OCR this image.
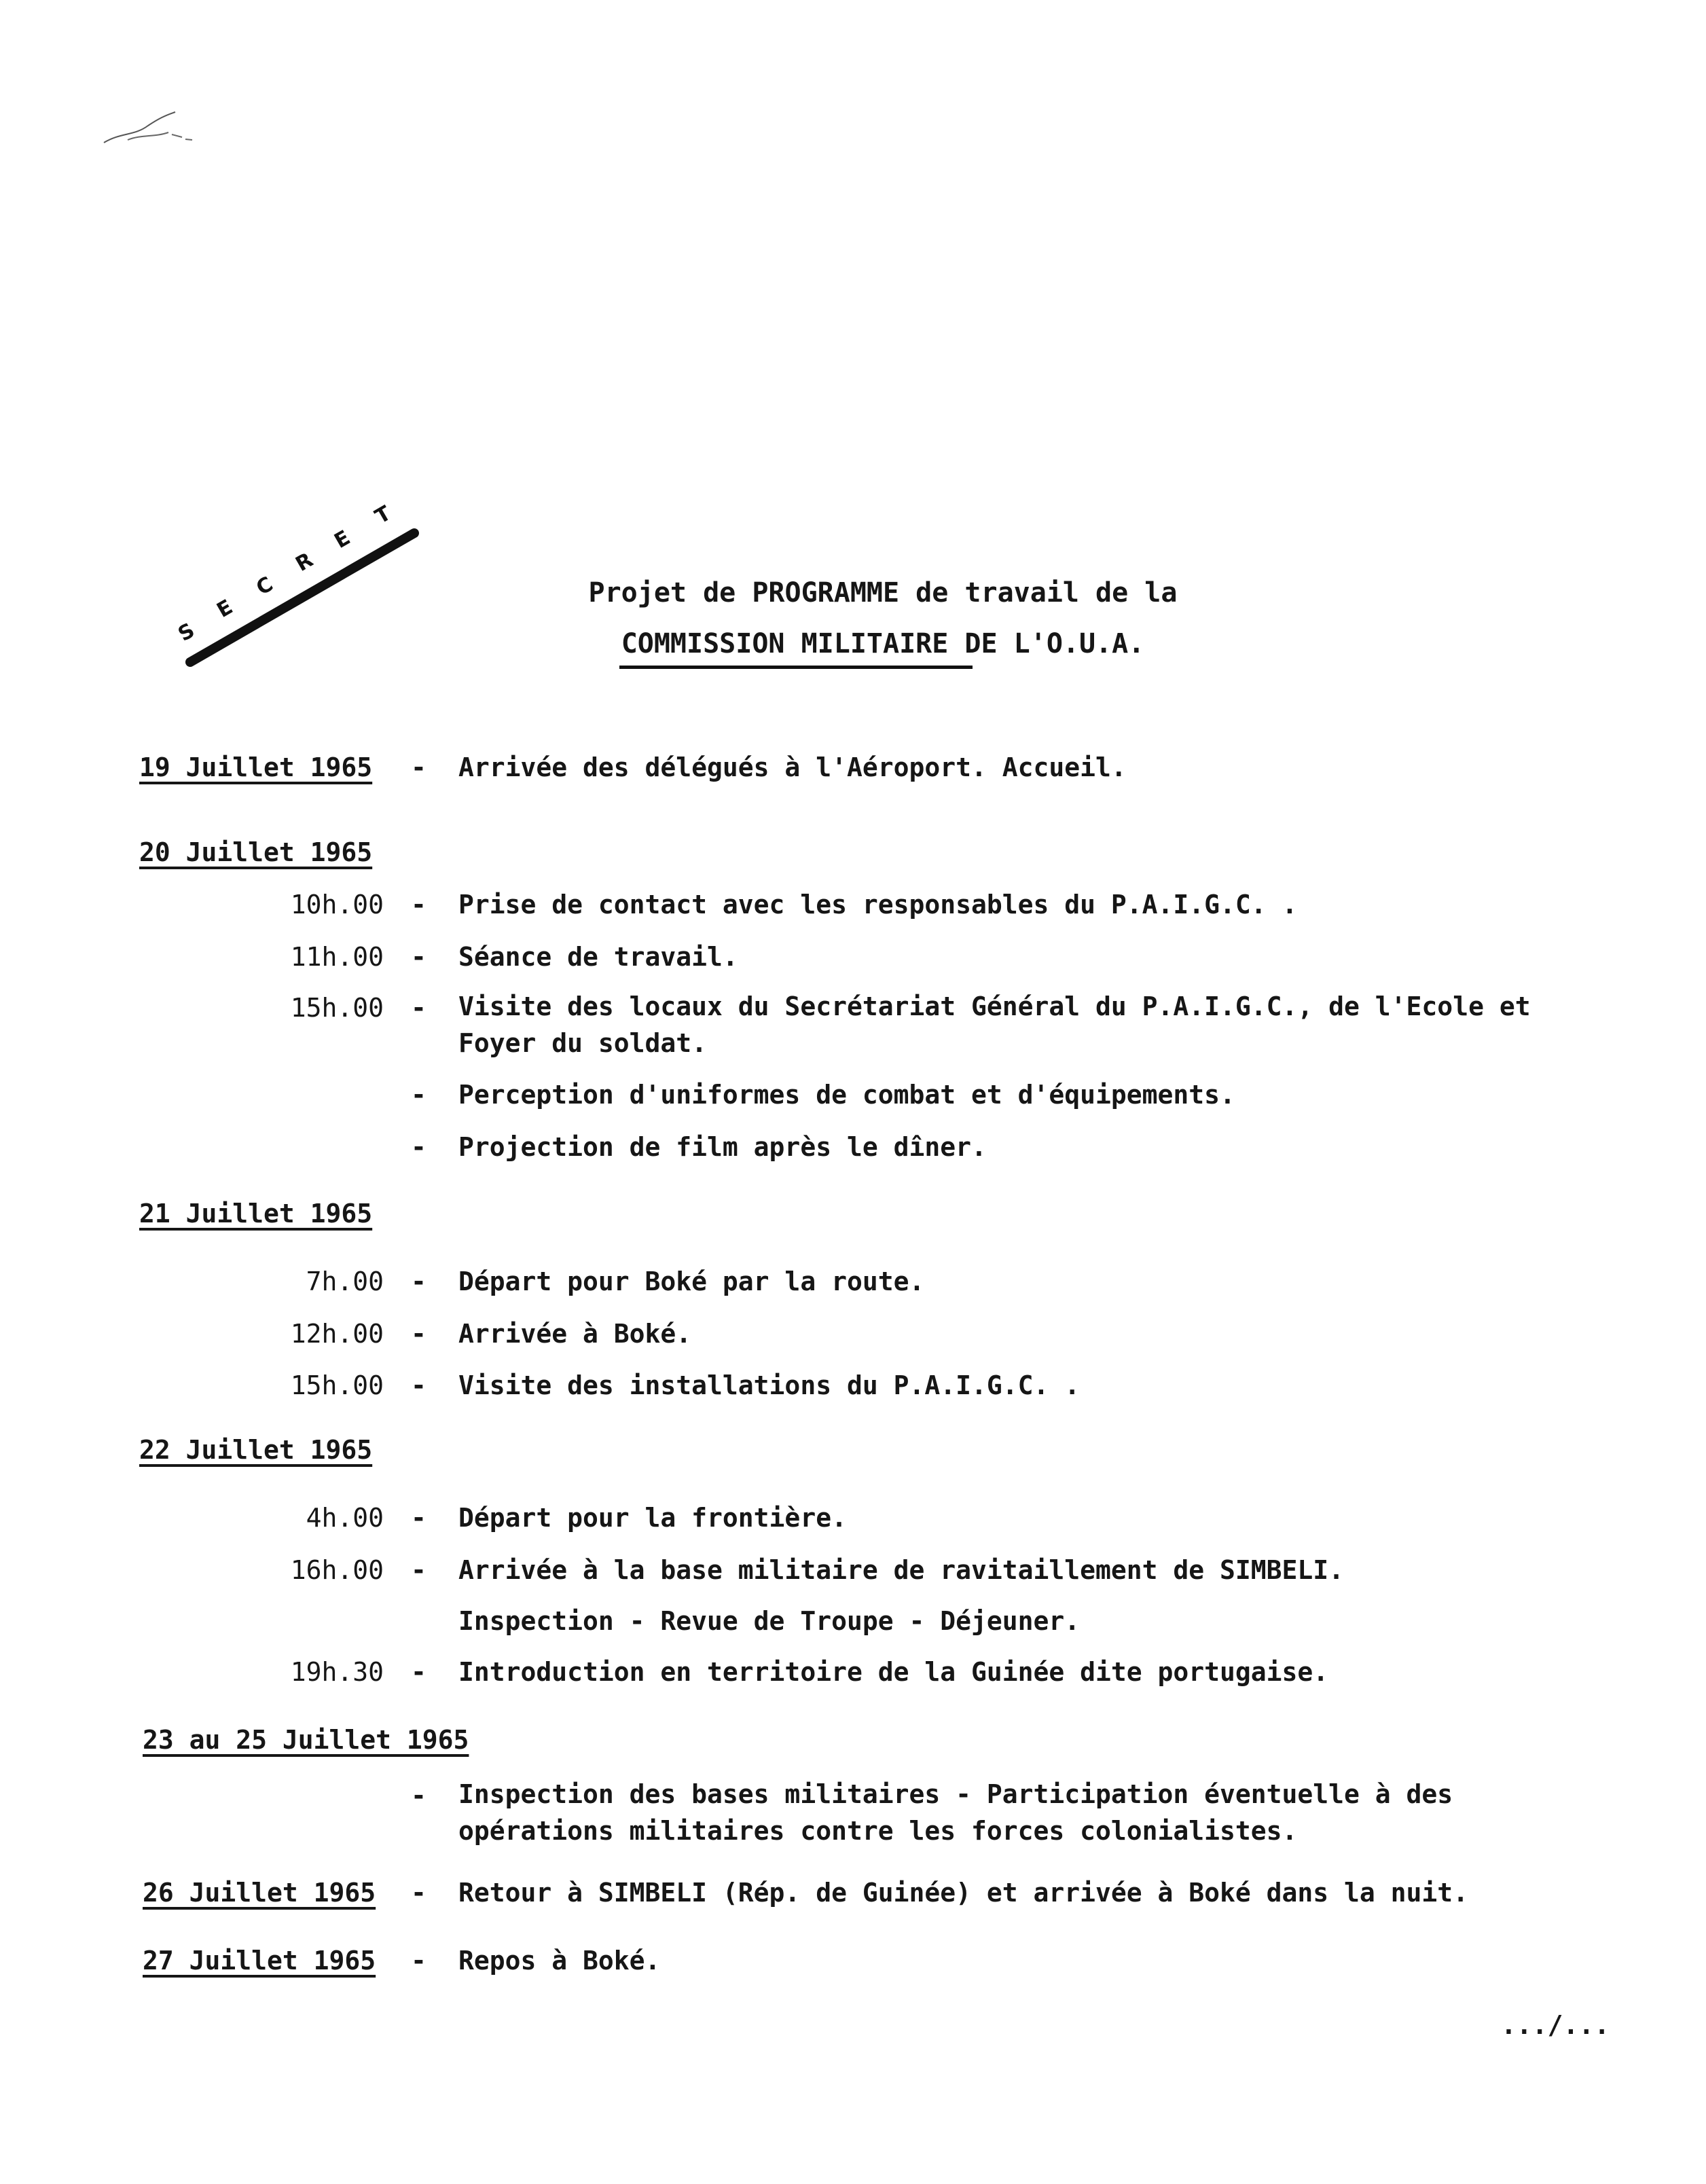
S
E
C
R
E
T
Projet de PROGRAMME de travail de la
COMMISSION MILITAIRE DE L'O.U.A.
19 Juillet 1965 - Arrivée des délégués à l'Aéroport. Accueil.
20 Juillet 1965
10h.00 - Prise de contact avec les responsables du P.A.I.G.C. .
11h.00 - Séance de travail.
15h.00 - Visite des locaux du Secrétariat Général du P.A.I.G.C., de l'Ecole et Foyer du soldat.
- Perception d'uniformes de combat et d'équipements.
- Projection de film après le dîner.
21 Juillet 1965
7h.00 - Départ pour Boké par la route.
12h.00 - Arrivée à Boké.
15h.00 - Visite des installations du P.A.I.G.C. .
22 Juillet 1965
4h.00 - Départ pour la frontière.
16h.00 - Arrivée à la base militaire de ravitaillement de SIMBELI.
Inspection - Revue de Troupe - Déjeuner.
19h.30 - Introduction en territoire de la Guinée dite portugaise.
23 au 25 Juillet 1965
- Inspection des bases militaires - Participation éventuelle à des opérations militaires contre les forces colonialistes.
26 Juillet 1965 - Retour à SIMBELI (Rép. de Guinée) et arrivée à Boké dans la nuit.
27 Juillet 1965 - Repos à Boké.
.../...
